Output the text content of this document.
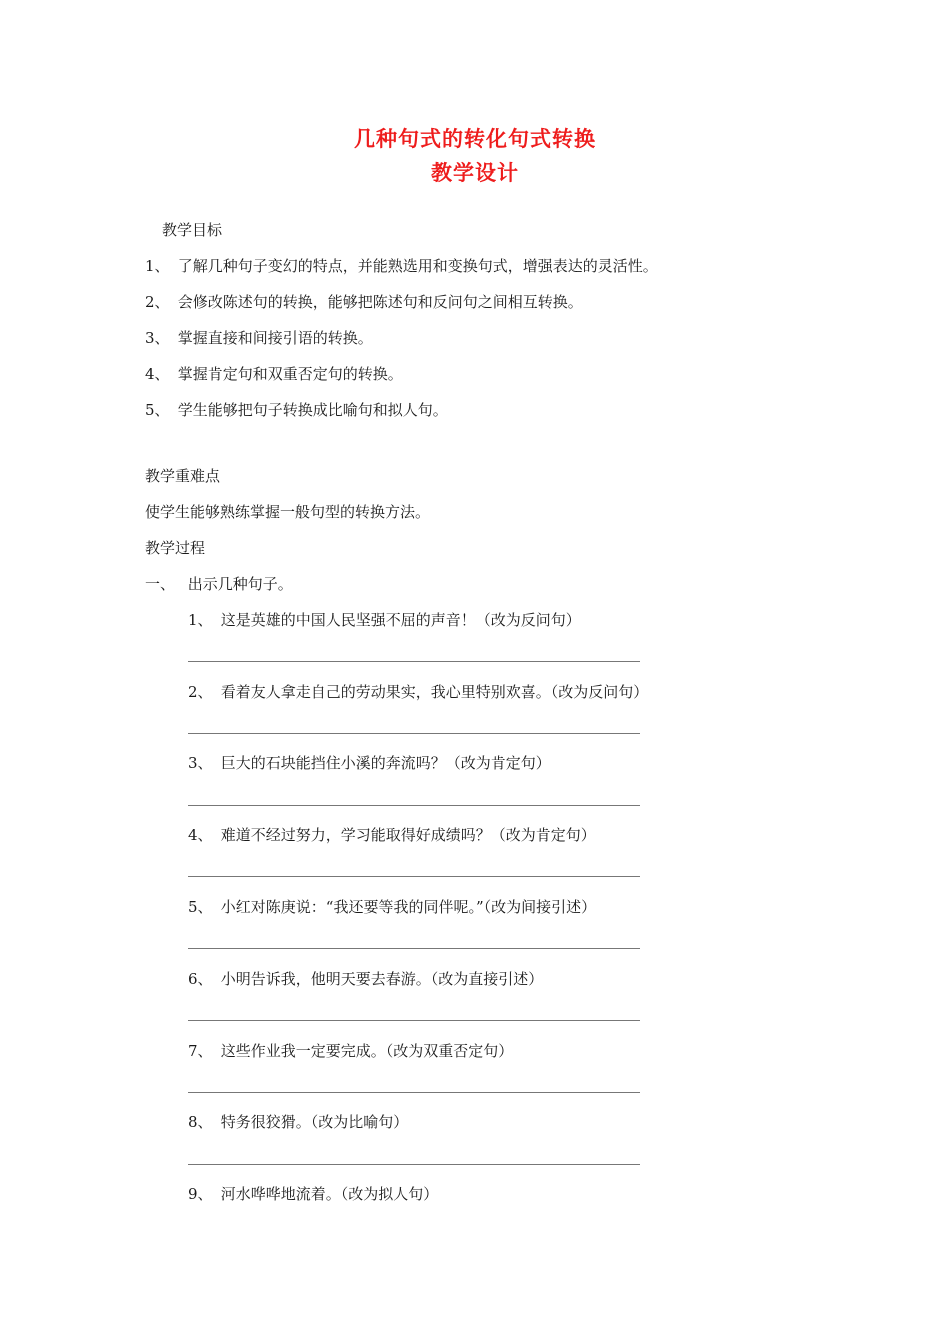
几种句式的转化句式转换
教学设计
教学目标
1、 了解几种句子变幻的特点，并能熟选用和变换句式，增强表达的灵活性。
2、 会修改陈述句的转换，能够把陈述句和反问句之间相互转换。
3、 掌握直接和间接引语的转换。
4、 掌握肯定句和双重否定句的转换。
5、 学生能够把句子转换成比喻句和拟人句。
教学重难点
使学生能够熟练掌握一般句型的转换方法。
教学过程
一、 出示几种句子。
1、 这是英雄的中国人民坚强不屈的声音！（改为反问句）
2、 看着友人拿走自己的劳动果实，我心里特别欢喜。（改为反问句）
3、 巨大的石块能挡住小溪的奔流吗？（改为肯定句）
4、 难道不经过努力，学习能取得好成绩吗？（改为肯定句）
5、 小红对陈庚说：“我还要等我的同伴呢。”（改为间接引述）
6、 小明告诉我，他明天要去春游。（改为直接引述）
7、 这些作业我一定要完成。（改为双重否定句）
8、 特务很狡猾。（改为比喻句）
9、 河水哗哗地流着。（改为拟人句）
